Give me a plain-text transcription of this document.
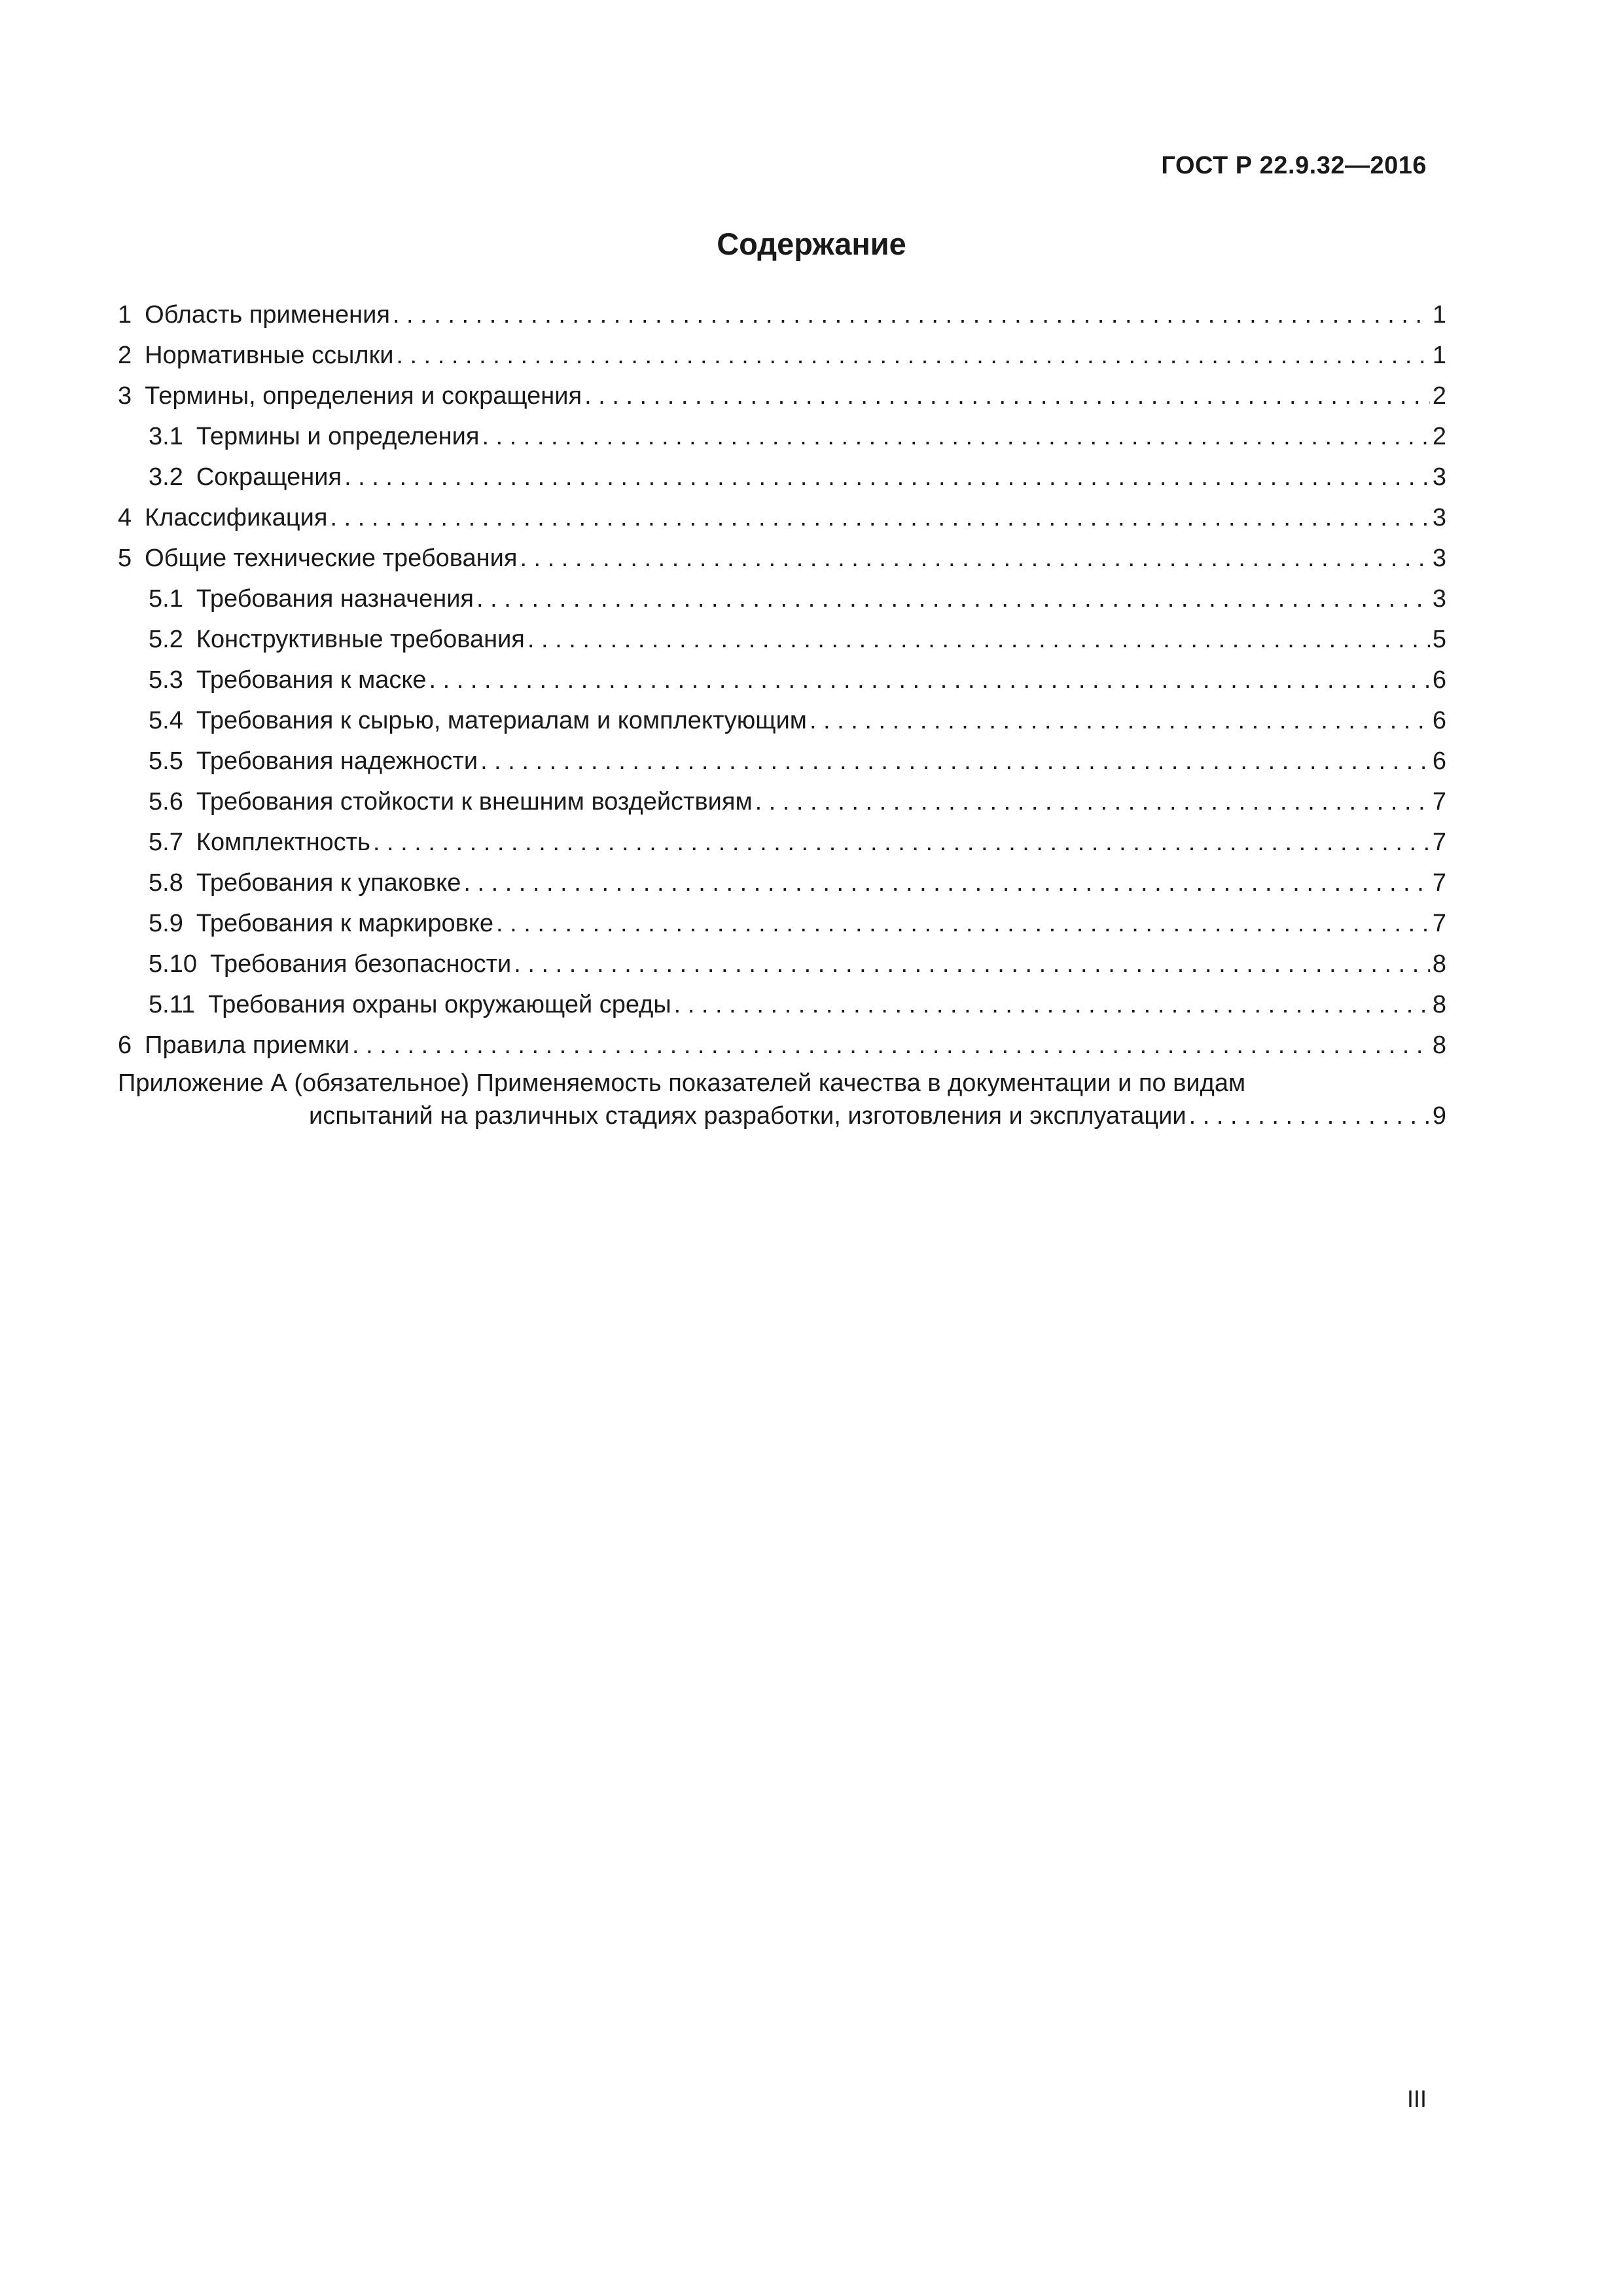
ГОСТ Р 22.9.32—2016
Содержание
1 Область применения . . .	1
2 Нормативные ссылки . . .	1
3 Термины, определения и сокращения . . .	2
3.1 Термины и определения . . .	2
3.2 Сокращения . . .	3
4 Классификация . . .	3
5 Общие технические требования . . .	3
5.1 Требования назначения . . .	3
5.2 Конструктивные требования . . .	5
5.3 Требования к маске . . .	6
5.4 Требования к сырью, материалам и комплектующим . . .	6
5.5 Требования надежности . . .	6
5.6 Требования стойкости к внешним воздействиям . . .	7
5.7 Комплектность . . .	7
5.8 Требования к упаковке . . .	7
5.9 Требования к маркировке . . .	7
5.10 Требования безопасности . . .	8
5.11 Требования охраны окружающей среды . . .	8
6 Правила приемки . . .	8
Приложение А (обязательное) Применяемость показателей качества в документации и по видам
испытаний на различных стадиях разработки, изготовления и эксплуатации . . .	9
III
